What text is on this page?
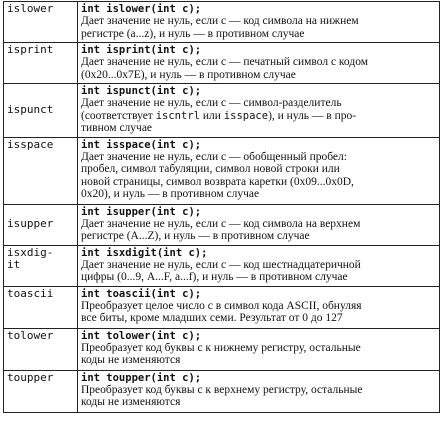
islower	int islower(int c);
Дает значение не нуль, если c — код символа на нижнем
регистре (a...z), и нуль — в противном случае

isprint	int isprint(int c);
Дает значение не нуль, если c — печатный символ с кодом
(0x20...0x7E), и нуль — в противном случае

ispunct	int ispunct(int c);
Дает значение не нуль, если c — символ-разделитель
(соответствует iscntrl или isspace), и нуль — в про-
тивном случае

isspace	int isspace(int c);
Дает значение не нуль, если c — обобщенный пробел:
пробел, символ табуляции, символ новой строки или
новой страницы, символ возврата каретки (0x09...0x0D,
0x20), и нуль — в противном случае

isupper	int isupper(int c);
Дает значение не нуль, если c — код символа на верхнем
регистре (A...Z), и нуль — в противном случае

isxdig-
it	int isxdigit(int c);
Дает значение не нуль, если c — код шестнадцатеричной
цифры (0...9, A...F, a...f), и нуль — в противном случае

toascii	int toascii(int c);
Преобразует целое число c в символ кода ASCII, обнуляя
все биты, кроме младших семи. Результат от 0 до 127

tolower	int tolower(int c);
Преобразует код буквы c к нижнему регистру, остальные
коды не изменяются

toupper	int toupper(int c);
Преобразует код буквы c к верхнему регистру, остальные
коды не изменяются
